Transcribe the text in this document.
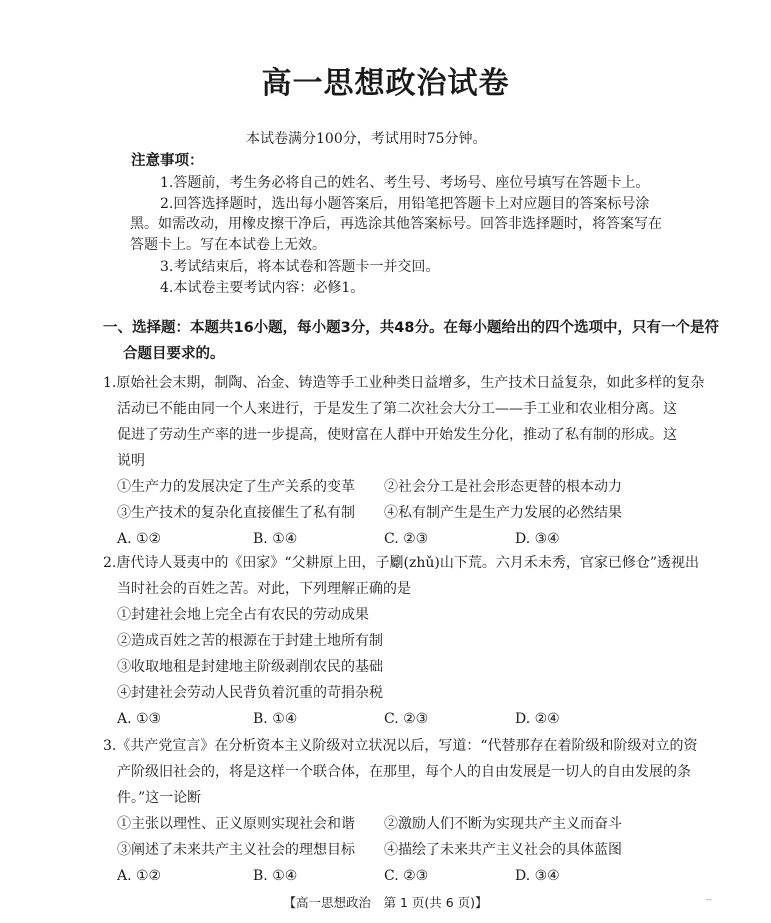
高一思想政治试卷
本试卷满分100分，考试用时75分钟。
注意事项：
1.答题前，考生务必将自己的姓名、考生号、考场号、座位号填写在答题卡上。
2.回答选择题时，选出每小题答案后，用铅笔把答题卡上对应题目的答案标号涂
黑。如需改动，用橡皮擦干净后，再选涂其他答案标号。回答非选择题时，将答案写在
答题卡上。写在本试卷上无效。
3.考试结束后，将本试卷和答题卡一并交回。
4.本试卷主要考试内容：必修1。
一、选择题：本题共16小题，每小题3分，共48分。在每小题给出的四个选项中，只有一个是符
合题目要求的。
1.原始社会末期，制陶、冶金、铸造等手工业种类日益增多，生产技术日益复杂，如此多样的复杂
活动已不能由同一个人来进行，于是发生了第二次社会大分工——手工业和农业相分离。这
促进了劳动生产率的进一步提高，使财富在人群中开始发生分化，推动了私有制的形成。这
说明
①生产力的发展决定了生产关系的变革 ②社会分工是社会形态更替的根本动力
③生产技术的复杂化直接催生了私有制 ④私有制产生是生产力发展的必然结果
A. ①②	B. ①④	C. ②③	D. ③④
2.唐代诗人聂夷中的《田家》“父耕原上田，子劚(zhǔ)山下荒。六月禾未秀，官家已修仓”透视出
当时社会的百姓之苦。对此，下列理解正确的是
①封建社会地上完全占有农民的劳动成果
②造成百姓之苦的根源在于封建土地所有制
③收取地租是封建地主阶级剥削农民的基础
④封建社会劳动人民背负着沉重的苛捐杂税
A. ①③	B. ①④	C. ②③	D. ②④
3.《共产党宣言》在分析资本主义阶级对立状况以后，写道：“代替那存在着阶级和阶级对立的资
产阶级旧社会的，将是这样一个联合体，在那里，每个人的自由发展是一切人的自由发展的条
件。”这一论断
①主张以理性、正义原则实现社会和谐 ②激励人们不断为实现共产主义而奋斗
③阐述了未来共产主义社会的理想目标 ④描绘了未来共产主义社会的具体蓝图
A. ①②	B. ①④	C. ②③	D. ③④
【高一思想政治　第 1 页(共 6 页)】	--
